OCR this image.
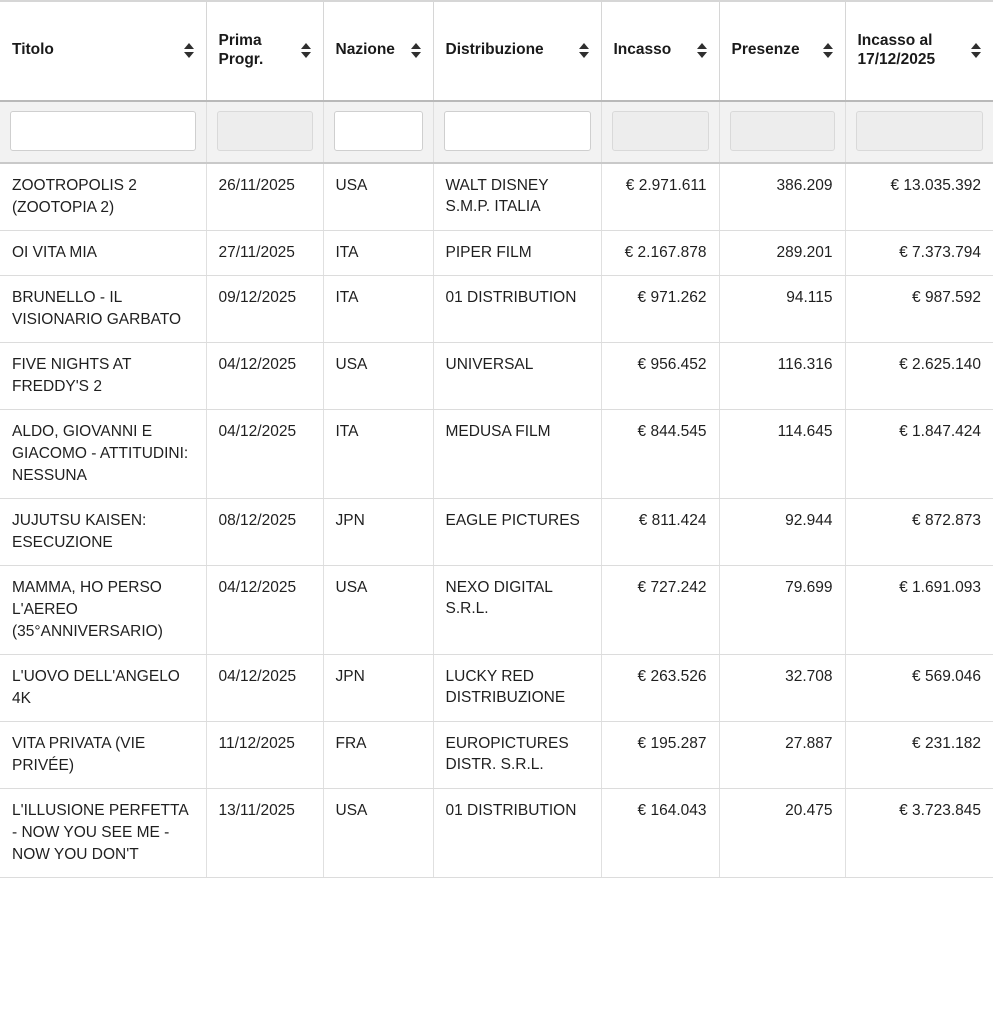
Titolo	Prima Progr.	Nazione	Distribuzione	Incasso	Presenze	Incasso al 17/12/2025

ZOOTROPOLIS 2 (ZOOTOPIA 2)	26/11/2025	USA	WALT DISNEY S.M.P. ITALIA	€ 2.971.611	386.209	€ 13.035.392
OI VITA MIA	27/11/2025	ITA	PIPER FILM	€ 2.167.878	289.201	€ 7.373.794
BRUNELLO - IL VISIONARIO GARBATO	09/12/2025	ITA	01 DISTRIBUTION	€ 971.262	94.115	€ 987.592
FIVE NIGHTS AT FREDDY'S 2	04/12/2025	USA	UNIVERSAL	€ 956.452	116.316	€ 2.625.140
ALDO, GIOVANNI E GIACOMO - ATTITUDINI: NESSUNA	04/12/2025	ITA	MEDUSA FILM	€ 844.545	114.645	€ 1.847.424
JUJUTSU KAISEN: ESECUZIONE	08/12/2025	JPN	EAGLE PICTURES	€ 811.424	92.944	€ 872.873
MAMMA, HO PERSO L'AEREO (35°ANNIVERSARIO)	04/12/2025	USA	NEXO DIGITAL S.R.L.	€ 727.242	79.699	€ 1.691.093
L'UOVO DELL'ANGELO 4K	04/12/2025	JPN	LUCKY RED DISTRIBUZIONE	€ 263.526	32.708	€ 569.046
VITA PRIVATA (VIE PRIVÉE)	11/12/2025	FRA	EUROPICTURES DISTR. S.R.L.	€ 195.287	27.887	€ 231.182
L'ILLUSIONE PERFETTA - NOW YOU SEE ME - NOW YOU DON'T	13/11/2025	USA	01 DISTRIBUTION	€ 164.043	20.475	€ 3.723.845
